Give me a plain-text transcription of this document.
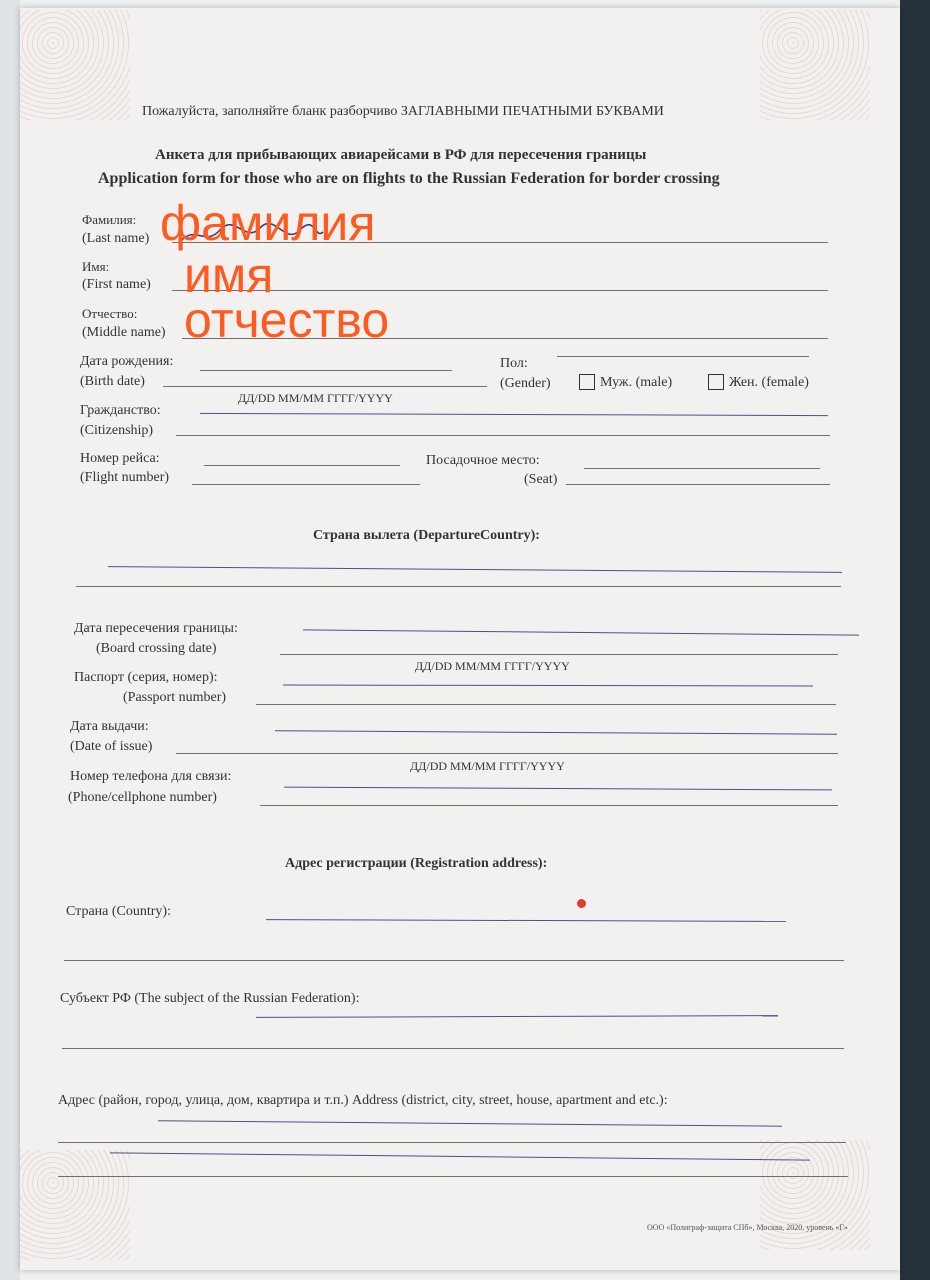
Пожалуйста, заполняйте бланк разборчиво ЗАГЛАВНЫМИ ПЕЧАТНЫМИ БУКВАМИ
Анкета для прибывающих авиарейсами в РФ для пересечения границы
Application form for those who are on flights to the Russian Federation for border crossing
Фамилия:
(Last name) фамилия
Имя:
(First name) имя
Отчество:
(Middle name) отчество
Дата рождения:
(Birth date)
ДД/DD ММ/MM ГГГГ/YYYY
Пол:
(Gender)	Муж. (male)	Жен. (female)
Гражданство:
(Citizenship)
Номер рейса:
(Flight number)
Посадочное место:
(Seat)
Страна вылета (DepartureCountry):
Дата пересечения границы:
(Board crossing date)
ДД/DD ММ/MM ГГГГ/YYYY
Паспорт (серия, номер):
(Passport number)
Дата выдачи:
(Date of issue)
ДД/DD ММ/MM ГГГГ/YYYY
Номер телефона для связи:
(Phone/cellphone number)
Адрес регистрации (Registration address):
Страна (Country):
Субъект РФ (The subject of the Russian Federation):
Адрес (район, город, улица, дом, квартира и т.п.) Address (district, city, street, house, apartment and etc.):
ООО «Полиграф-защита СПб», Москва, 2020, уровень «Г»
